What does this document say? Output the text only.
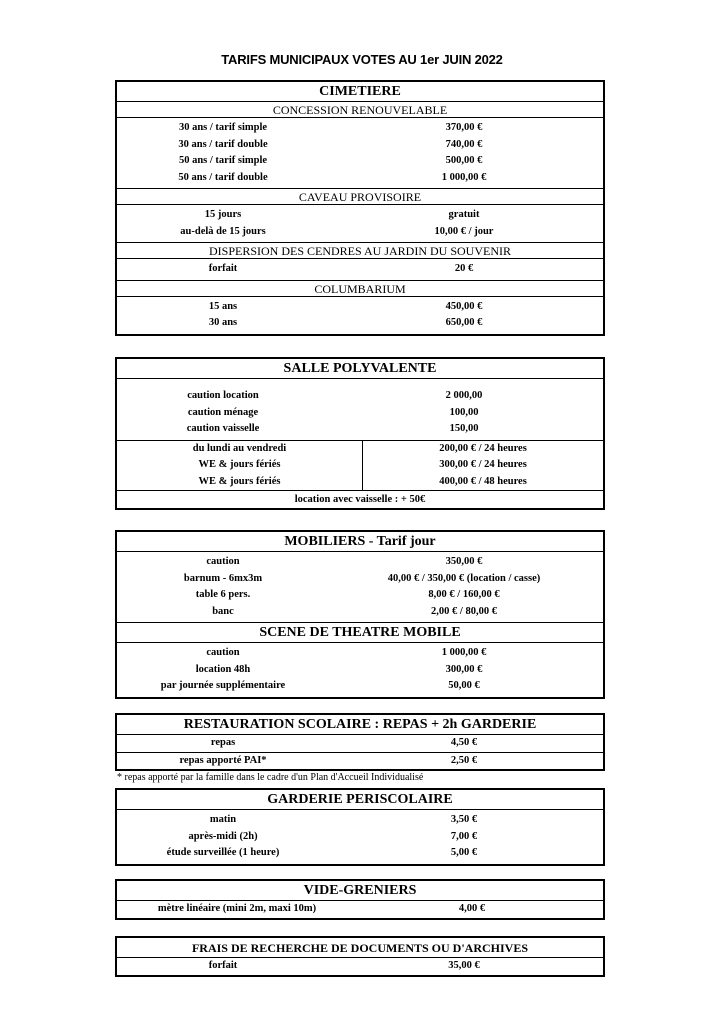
TARIFS MUNICIPAUX VOTES AU 1er JUIN 2022
CIMETIERE
CONCESSION RENOUVELABLE
30 ans / tarif simple	370,00 €
30 ans / tarif double	740,00 €
50 ans / tarif simple	500,00 €
50 ans / tarif double	1 000,00 €
CAVEAU PROVISOIRE
15 jours	gratuit
au-delà de 15 jours	10,00 € / jour
DISPERSION DES CENDRES AU JARDIN DU SOUVENIR
forfait	20 €
COLUMBARIUM
15 ans	450,00 €
30 ans	650,00 €
SALLE POLYVALENTE
caution location	2 000,00
caution ménage	100,00
caution vaisselle	150,00
du lundi au vendredi	200,00 € / 24 heures
WE & jours fériés	300,00 € / 24 heures
WE & jours fériés	400,00 € / 48 heures
location avec vaisselle : + 50€
MOBILIERS - Tarif jour
caution	350,00 €
barnum - 6mx3m	40,00 € / 350,00 € (location / casse)
table 6 pers.	8,00 € / 160,00 €
banc	2,00 € / 80,00 €
SCENE DE THEATRE MOBILE
caution	1 000,00 €
location 48h	300,00 €
par journée supplémentaire	50,00 €
RESTAURATION SCOLAIRE : REPAS + 2h GARDERIE
repas	4,50 €
repas apporté PAI*	2,50 €
* repas apporté par la famille dans le cadre d'un Plan d'Accueil Individualisé
GARDERIE PERISCOLAIRE
matin	3,50 €
après-midi (2h)	7,00 €
étude surveillée (1 heure)	5,00 €
VIDE-GRENIERS
mètre linéaire (mini 2m, maxi 10m)	4,00 €
FRAIS DE RECHERCHE DE DOCUMENTS OU D'ARCHIVES
forfait	35,00 €
